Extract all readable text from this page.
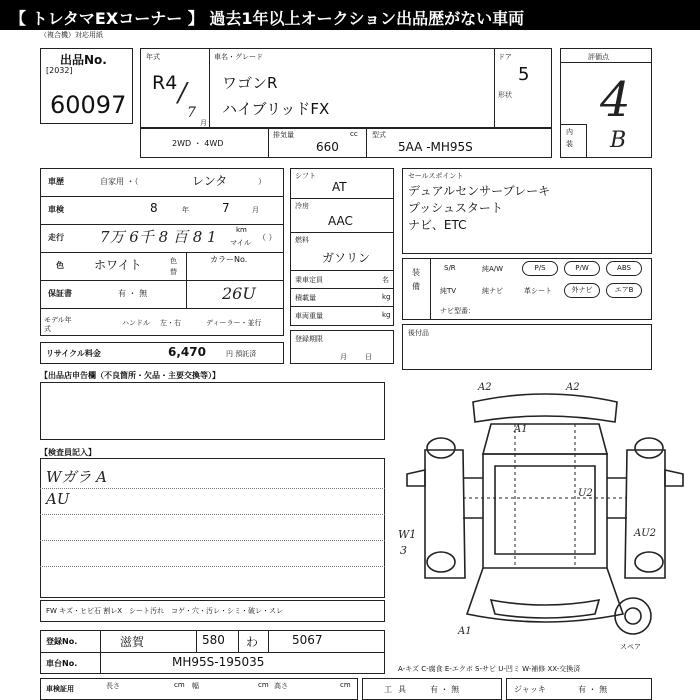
【 トレタマEXコーナー 】 過去1年以上オークション出品歴がない車両
（複合機）対応用紙
出品No.
[2032]
60097
年式
R4 /
7
月
車名・グレード
ワゴンR
ハイブリッドFX
ドア
5
形状
評価点
4
内装 B
2WD ・ 4WD
排気量	cc
660
型式
5AA -MH95S
車歴	自家用 ・（	レンタ	）
車検	8	年	7	月
走行 7万 6千 8 百 8 1	km
マイル
（ ）
色	ホワイト	色替
カラーNo.
26U
保証書	有 ・ 無
モデル年式
ハンドル 左・右	ディーラー・並行
リサイクル料金	6,470	円 預託済
シフト
AT
冷房
AAC
燃料
ガソリン
乗車定員	名
積載量	kg
車両重量	kg
登録期限
月日
セールスポイント
デュアルセンサーブレーキ
プッシュスタート
ナビ、ETC
装備
S/R	純A/W	P/S	P/W	ABS
純TV	純ナビ	革シート	外ナビ	エアB
ナビ型番：
後付品
【出品店申告欄（不良箇所・欠品・主要交換等）】
【検査員記入】
Wガラ A
AU
A2	A2
A1
U2
AU2
W1
3
A1
スペア
FW キズ・ヒビ石 割レX　シート汚れ　コゲ・穴・汚レ・シミ・破レ・スレ
登録No.	滋賀	580 わ	5067
車台No.	MH95S-195035	A-キズ C-腐食 E-エクボ S-サビ U-凹ミ W-補修 XX-交換済
車検証用	長さ	cm 幅	cm 高さ	cm	工具 有 ・ 無	ジャッキ	有 ・ 無
